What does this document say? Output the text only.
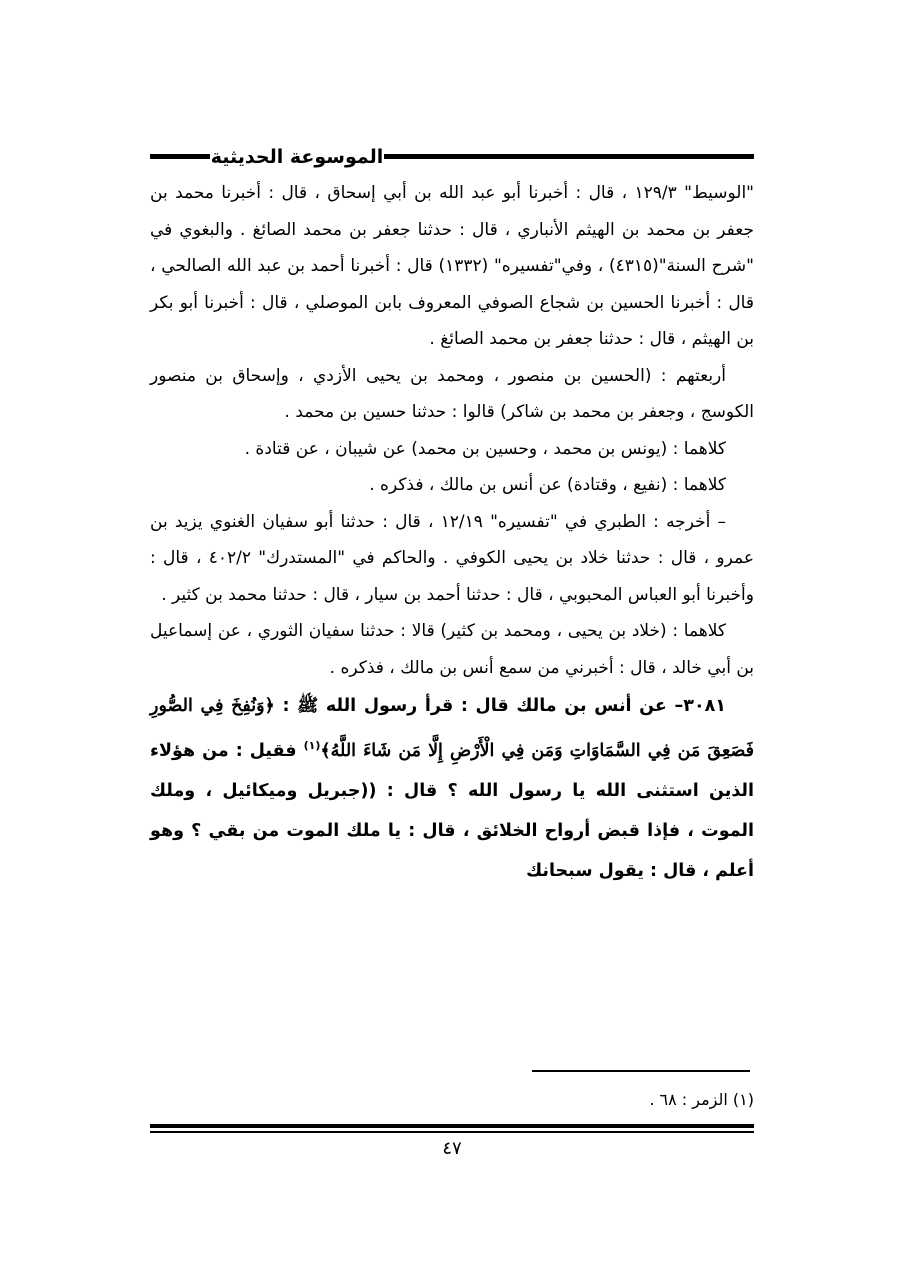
الموسوعة الحديثية

"الوسيط" ١٢٩/٣ ، قال : أخبرنا أبو عبد الله بن أبي إسحاق ، قال : أخبرنا محمد بن جعفر بن محمد بن الهيثم الأنباري ، قال : حدثنا جعفر بن محمد الصائغ . والبغوي في "شرح السنة"(٤٣١٥) ، وفي"تفسيره" (١٣٣٢) قال : أخبرنا أحمد بن عبد الله الصالحي ، قال : أخبرنا الحسين بن شجاع الصوفي المعروف بابن الموصلي ، قال : أخبرنا أبو بكر بن الهيثم ، قال : حدثنا جعفر بن محمد الصائغ .

أربعتهم : (الحسين بن منصور ، ومحمد بن يحيى الأزدي ، وإسحاق بن منصور الكوسج ، وجعفر بن محمد بن شاكر) قالوا : حدثنا حسين بن محمد .

كلاهما : (يونس بن محمد ، وحسين بن محمد) عن شيبان ، عن قتادة .

كلاهما : (نفيع ، وقتادة) عن أنس بن مالك ، فذكره .

– أخرجه : الطبري في "تفسيره" ١٢/١٩ ، قال : حدثنا أبو سفيان الغنوي يزيد بن عمرو ، قال : حدثنا خلاد بن يحيى الكوفي . والحاكم في "المستدرك" ٤٠٢/٢ ، قال : وأخبرنا أبو العباس المحبوبي ، قال : حدثنا أحمد بن سيار ، قال : حدثنا محمد بن كثير .

كلاهما : (خلاد بن يحيى ، ومحمد بن كثير) قالا : حدثنا سفيان الثوري ، عن إسماعيل بن أبي خالد ، قال : أخبرني من سمع أنس بن مالك ، فذكره .

٣٠٨١– عن أنس بن مالك قال : قرأ رسول الله ﷺ : ﴿وَنُفِخَ فِي الصُّورِ فَصَعِقَ مَن فِي السَّمَاوَاتِ وَمَن فِي الْأَرْضِ إِلَّا مَن شَاءَ اللَّهُ﴾$^{(١)}$ فقيل : من هؤلاء الذين استثنى الله يا رسول الله ؟ قال : ((جبريل وميكائيل ، وملك الموت ، فإذا قبض أرواح الخلائق ، قال : يا ملك الموت من بقي ؟ وهو أعلم ، قال : يقول سبحانك

(١) الزمر : ٦٨ .
٤٧
